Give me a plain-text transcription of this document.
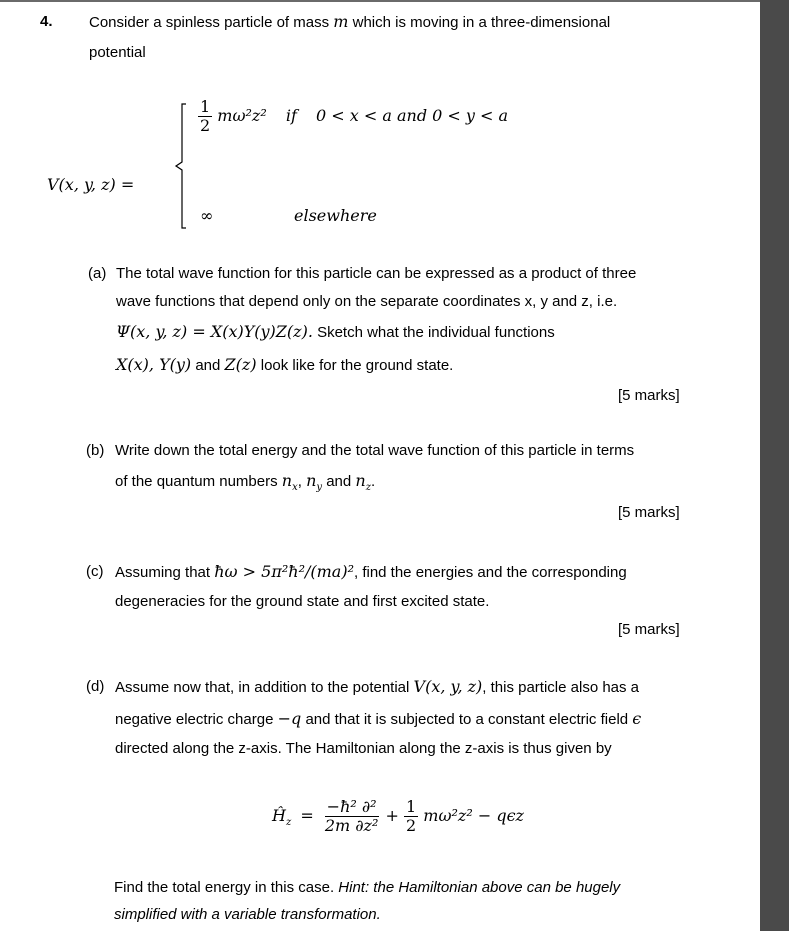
4. Consider a spinless particle of mass m which is moving in a three-dimensional
potential
V(x, y, z) =
$\frac{1}{2} m\omega^2z^2$ if 0 < x < a and 0 < y < a
∞	elsewhere
(a) The total wave function for this particle can be expressed as a product of three
wave functions that depend only on the separate coordinates x, y and z, i.e.
Ψ(x, y, z) = X(x)Y(y)Z(z). Sketch what the individual functions
X(x), Y(y) and Z(z) look like for the ground state.
[5 marks]
(b) Write down the total energy and the total wave function of this particle in terms
of the quantum numbers $n_x$, $n_y$ and $n_z$.
[5 marks]
(c) Assuming that ħω > 5π²ħ²/(ma)², find the energies and the corresponding
degeneracies for the ground state and first excited state.
[5 marks]
(d) Assume now that, in addition to the potential V(x, y, z), this particle also has a
negative electric charge −q and that it is subjected to a constant electric field ϵ
directed along the z-axis. The Hamiltonian along the z-axis is thus given by
$Ĥ_z = \frac{\text{−ħ² ∂²}}{\text{2m ∂z²}} + \frac{1}{2} m\omega^2z^2 - q\epsilon z$
Find the total energy in this case. Hint: the Hamiltonian above can be hugely
simplified with a variable transformation.
